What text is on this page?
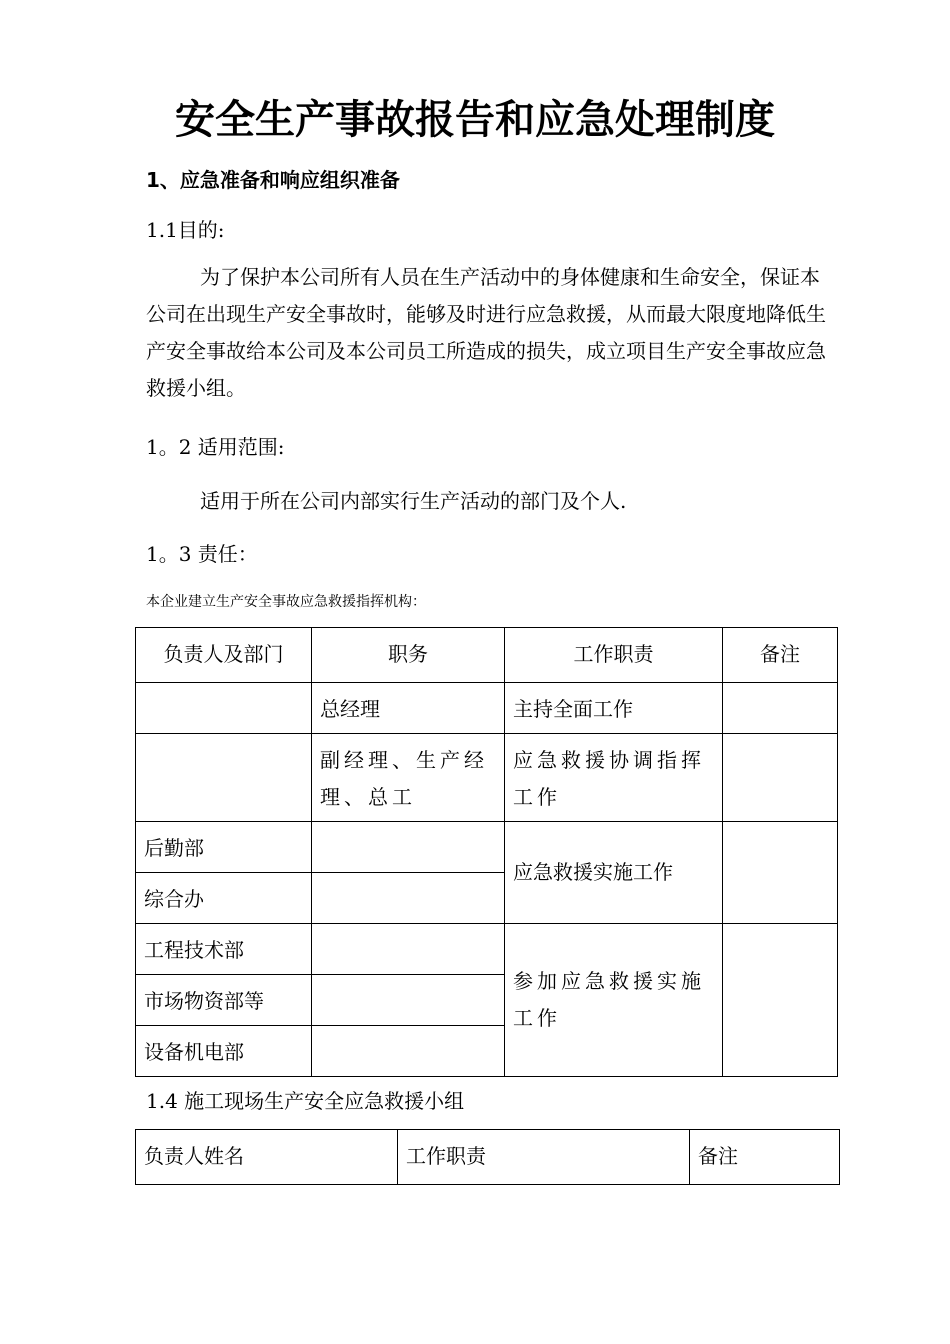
安全生产事故报告和应急处理制度
1、应急准备和响应组织准备
1.1目的:
为了保护本公司所有人员在生产活动中的身体健康和生命安全，保证本公司在出现生产安全事故时，能够及时进行应急救援，从而最大限度地降低生产安全事故给本公司及本公司员工所造成的损失，成立项目生产安全事故应急救援小组。
1。2 适用范围:
适用于所在公司内部实行生产活动的部门及个人.
1。3 责任：
本企业建立生产安全事故应急救援指挥机构：
负责人及部门	职务	工作职责	备注
	总经理	主持全面工作	
	副经理、生产经理、总工	应急救援协调指挥工作	
后勤部		应急救援实施工作	
综合办			
工程技术部		参加应急救援实施工作	
市场物资部等			
设备机电部			
1.4 施工现场生产安全应急救援小组
负责人姓名	工作职责	备注
